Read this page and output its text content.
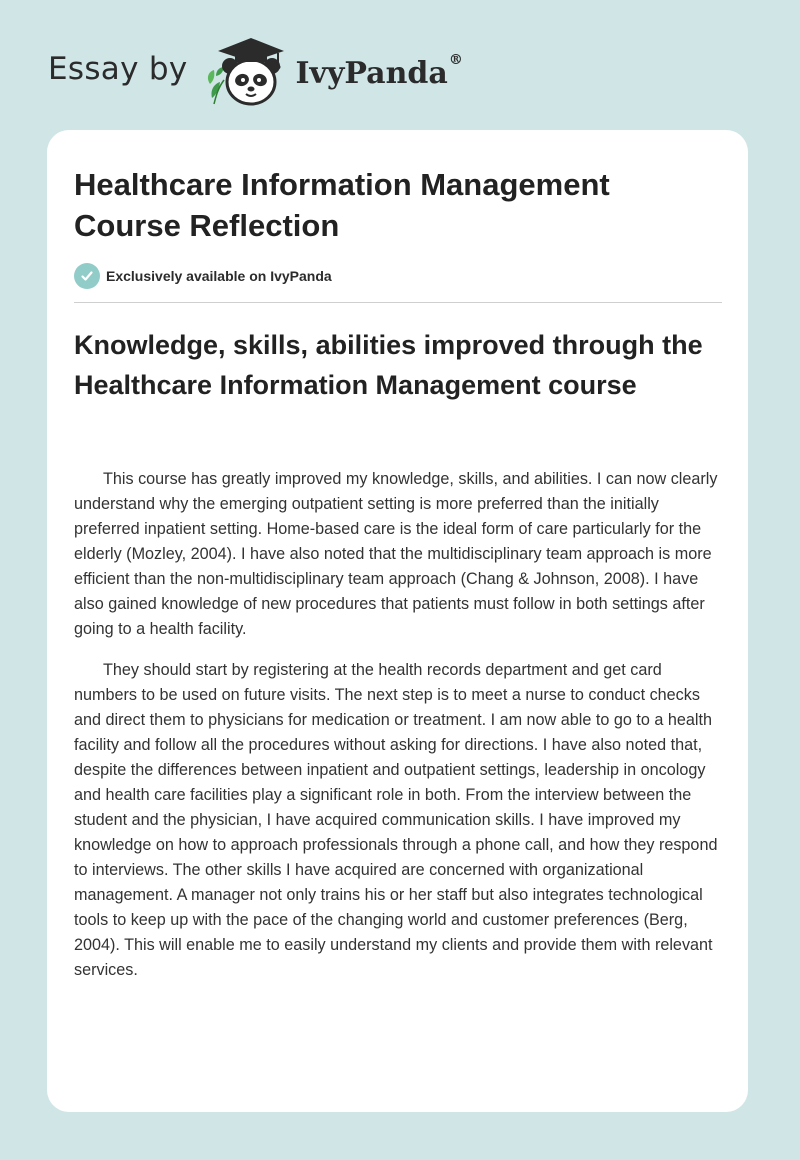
Essay by	IvyPanda®
Healthcare Information Management Course Reflection
Exclusively available on IvyPanda
Knowledge, skills, abilities improved through the Healthcare Information Management course

This course has greatly improved my knowledge, skills, and abilities. I can now clearly understand why the emerging outpatient setting is more preferred than the initially preferred inpatient setting. Home-based care is the ideal form of care particularly for the elderly (Mozley, 2004). I have also noted that the multidisciplinary team approach is more efficient than the non-multidisciplinary team approach (Chang & Johnson, 2008). I have also gained knowledge of new procedures that patients must follow in both settings after going to a health facility.

They should start by registering at the health records department and get card numbers to be used on future visits. The next step is to meet a nurse to conduct checks and direct them to physicians for medication or treatment. I am now able to go to a health facility and follow all the procedures without asking for directions. I have also noted that, despite the differences between inpatient and outpatient settings, leadership in oncology and health care facilities play a significant role in both. From the interview between the student and the physician, I have acquired communication skills. I have improved my knowledge on how to approach professionals through a phone call, and how they respond to interviews. The other skills I have acquired are concerned with organizational management. A manager not only trains his or her staff but also integrates technological tools to keep up with the pace of the changing world and customer preferences (Berg, 2004). This will enable me to easily understand my clients and provide them with relevant services.
